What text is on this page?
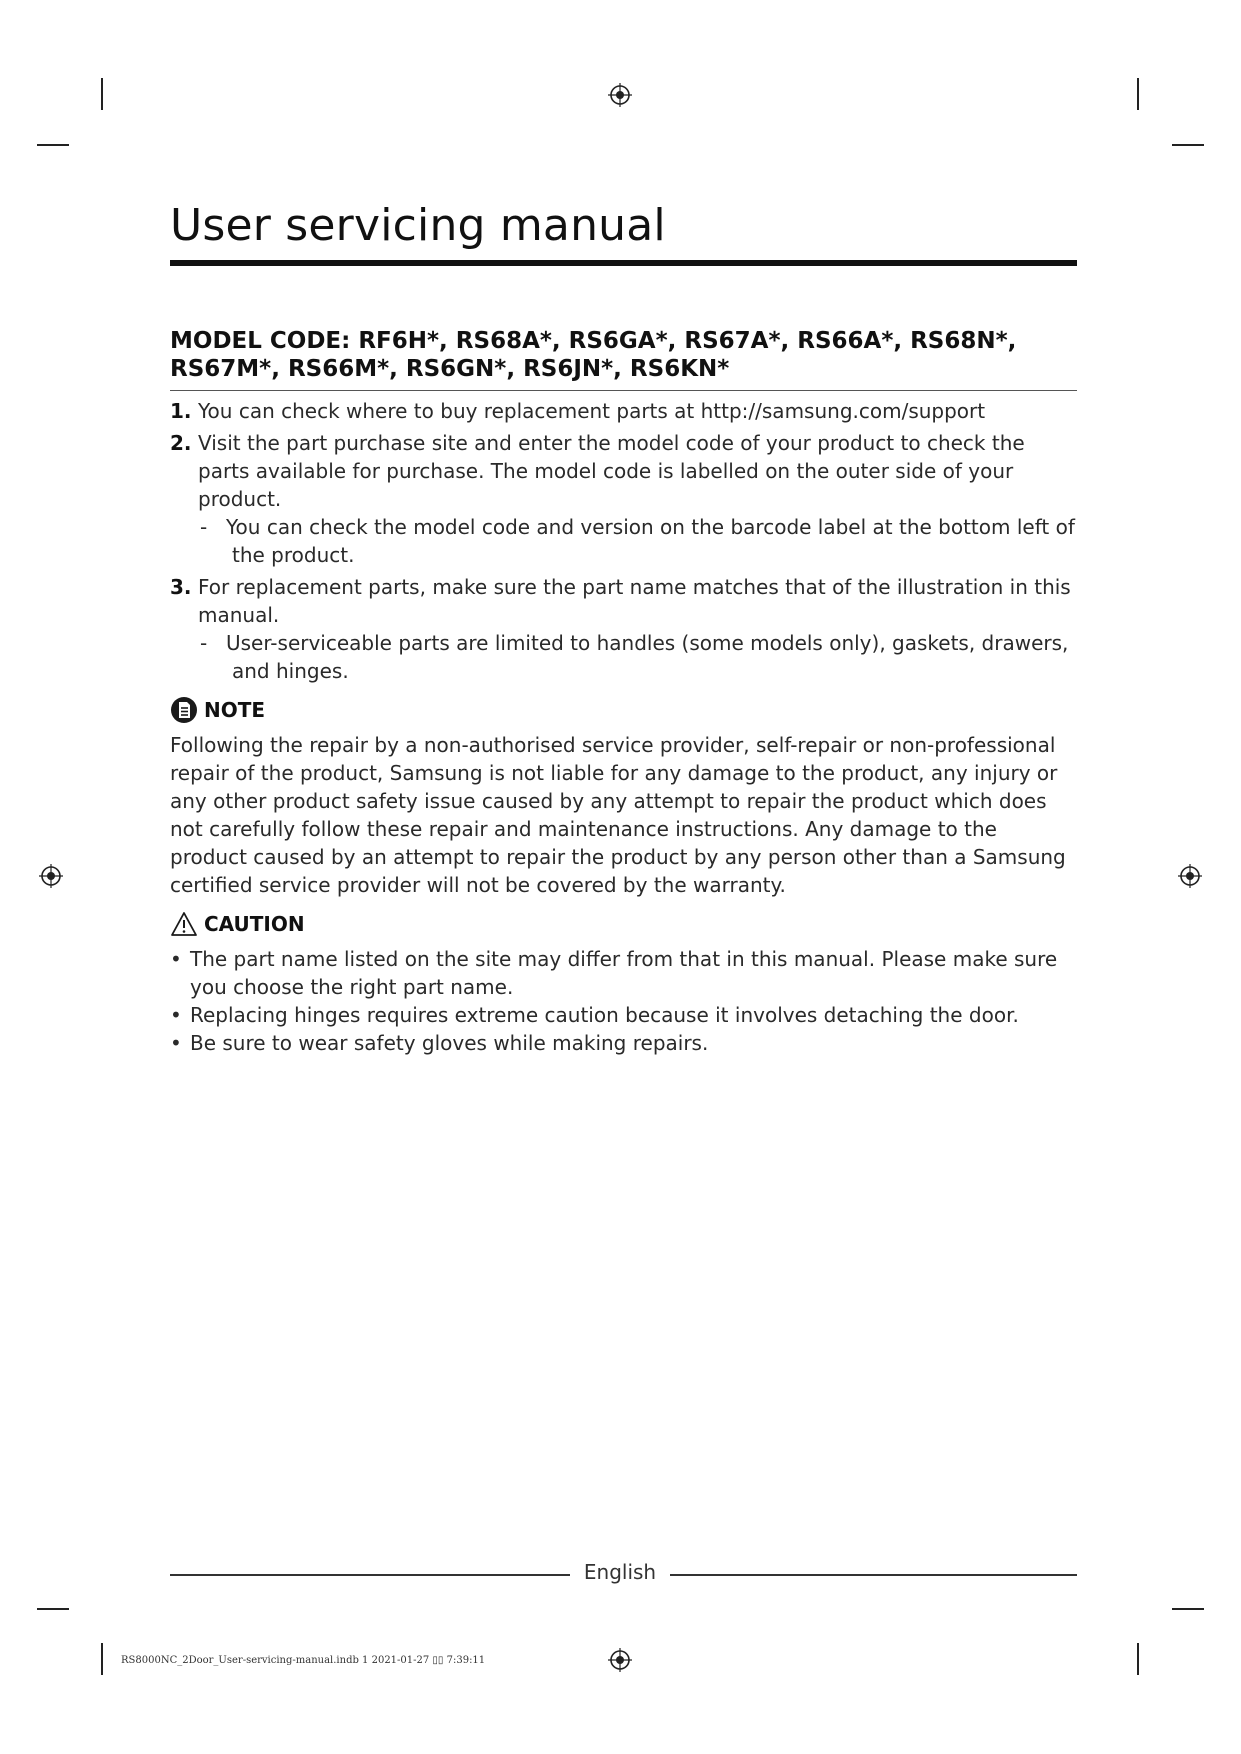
User servicing manual
MODEL CODE: RF6H*, RS68A*, RS6GA*, RS67A*, RS66A*, RS68N*, RS67M*, RS66M*, RS6GN*, RS6JN*, RS6KN*
1. You can check where to buy replacement parts at http://samsung.com/support
2. Visit the part purchase site and enter the model code of your product to check the parts available for purchase. The model code is labelled on the outer side of your product.
- You can check the model code and version on the barcode label at the bottom left of the product.
3. For replacement parts, make sure the part name matches that of the illustration in this manual.
- User-serviceable parts are limited to handles (some models only), gaskets, drawers, and hinges.
NOTE

Following the repair by a non-authorised service provider, self-repair or non-professional repair of the product, Samsung is not liable for any damage to the product, any injury or any other product safety issue caused by any attempt to repair the product which does not carefully follow these repair and maintenance instructions. Any damage to the product caused by an attempt to repair the product by any person other than a Samsung certified service provider will not be covered by the warranty.

CAUTION
• The part name listed on the site may differ from that in this manual. Please make sure you choose the right part name.
• Replacing hinges requires extreme caution because it involves detaching the door.
• Be sure to wear safety gloves while making repairs.
English
RS8000NC_2Door_User-servicing-manual.indb 1 2021-01-27 ▯▯ 7:39:11
